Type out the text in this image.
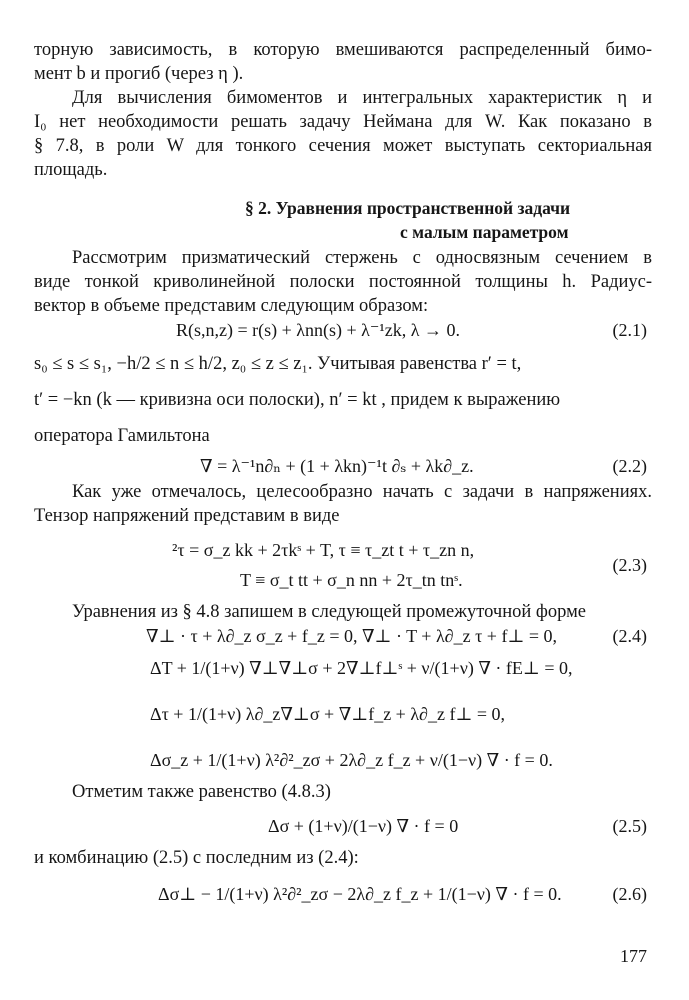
торную зависимость, в которую вмешиваются распределенный бимо-
мент b и прогиб (через η ).
Для вычисления бимоментов и интегральных характеристик η и
I₀ нет необходимости решать задачу Неймана для W. Как показано в
§ 7.8, в роли W для тонкого сечения может выступать секториальная
площадь.
§ 2. Уравнения пространственной задачи
с малым параметром
Рассмотрим призматический стержень с односвязным сечением в
виде тонкой криволинейной полоски постоянной толщины h. Радиус-
вектор в объеме представим следующим образом:
R(s,n,z) = r(s) + λnn(s) + λ⁻¹zk, λ → 0.	(2.1)
s₀ ≤ s ≤ s₁, −h/2 ≤ n ≤ h/2, z₀ ≤ z ≤ z₁. Учитывая равенства r′ = t,
t′ = −kn (k — кривизна оси полоски), n′ = kt , придем к выражению
оператора Гамильтона
∇ = λ⁻¹n∂ₙ + (1 + λkn)⁻¹t ∂ₛ + λk∂_z.	(2.2)
Как уже отмечалось, целесообразно начать с задачи в напряжениях.
Тензор напряжений представим в виде
²τ = σ_z kk + 2τkˢ + T, τ ≡ τ_zt t + τ_zn n,
T ≡ σ_t tt + σ_n nn + 2τ_tn tnˢ.
(2.3)
Уравнения из § 4.8 запишем в следующей промежуточной форме
∇⊥ · τ + λ∂_z σ_z + f_z = 0, ∇⊥ · T + λ∂_z τ + f⊥ = 0,	(2.4)
ΔT + 1/(1+ν) ∇⊥∇⊥σ + 2∇⊥f⊥ˢ + ν/(1+ν) ∇ · fE⊥ = 0,
Δτ + 1/(1+ν) λ∂_z∇⊥σ + ∇⊥f_z + λ∂_z f⊥ = 0,
Δσ_z + 1/(1+ν) λ²∂²_zσ + 2λ∂_z f_z + ν/(1−ν) ∇ · f = 0.
Отметим также равенство (4.8.3)
Δσ + (1+ν)/(1−ν) ∇ · f = 0	(2.5)
и комбинацию (2.5) с последним из (2.4):
Δσ⊥ − 1/(1+ν) λ²∂²_zσ − 2λ∂_z f_z + 1/(1−ν) ∇ · f = 0.	(2.6)
177
